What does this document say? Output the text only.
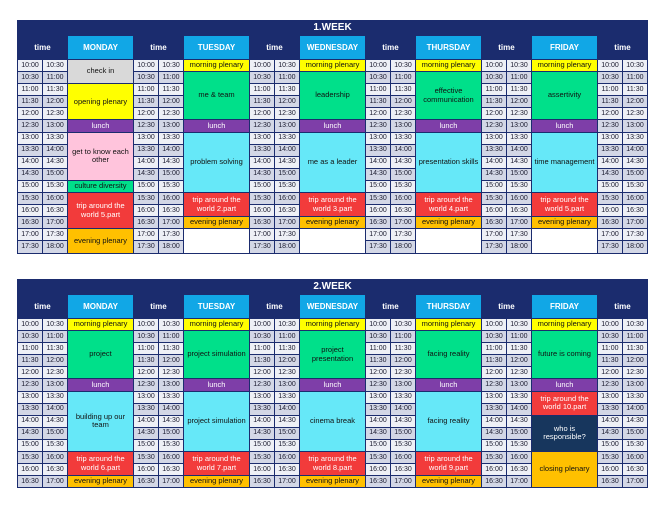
1.WEEK																
time		MONDAY	time		TUESDAY	time		WEDNESDAY	time		THURSDAY	time		FRIDAY	time	
10:00	10:30	check in	10:00	10:30	morning plenary	10:00	10:30	morning plenary	10:00	10:30	morning plenary	10:00	10:30	morning plenary	10:00	10:30
10:30	11:00		10:30	11:00	me & team	10:30	11:00	leadership	10:30	11:00	effective communication	10:30	11:00	assertivity	10:30	11:00
11:00	11:30	opening plenary	11:00	11:30		11:00	11:30		11:00	11:30		11:00	11:30		11:00	11:30
11:30	12:00		11:30	12:00		11:30	12:00		11:30	12:00		11:30	12:00		11:30	12:00
12:00	12:30		12:00	12:30		12:00	12:30		12:00	12:30		12:00	12:30		12:00	12:30
12:30	13:00	lunch	12:30	13:00	lunch	12:30	13:00	lunch	12:30	13:00	lunch	12:30	13:00	lunch	12:30	13:00
13:00	13:30	get to know each other	13:00	13:30	problem solving	13:00	13:30	me as a leader	13:00	13:30	presentation skills	13:00	13:30	time management	13:00	13:30
13:30	14:00		13:30	14:00		13:30	14:00		13:30	14:00		13:30	14:00		13:30	14:00
14:00	14:30		14:00	14:30		14:00	14:30		14:00	14:30		14:00	14:30		14:00	14:30
14:30	15:00		14:30	15:00		14:30	15:00		14:30	15:00		14:30	15:00		14:30	15:00
15:00	15:30	culture diversity	15:00	15:30		15:00	15:30		15:00	15:30		15:00	15:30		15:00	15:30
15:30	16:00	trip around the world 5.part	15:30	16:00	trip around the world 2.part	15:30	16:00	trip around the world 3.part	15:30	16:00	trip around the world 4.part	15:30	16:00	trip around the world 5.part	15:30	16:00
16:00	16:30		16:00	16:30		16:00	16:30		16:00	16:30		16:00	16:30		16:00	16:30
16:30	17:00		16:30	17:00	evening plenary	16:30	17:00	evening plenary	16:30	17:00	evening plenary	16:30	17:00	evening plenary	16:30	17:00
17:00	17:30	evening plenary	17:00	17:30		17:00	17:30		17:00	17:30		17:00	17:30		17:00	17:30
17:30	18:00		17:30	18:00		17:30	18:00		17:30	18:00		17:30	18:00		17:30	18:00
2.WEEK																
time		MONDAY	time		TUESDAY	time		WEDNESDAY	time		THURSDAY	time		FRIDAY	time	
10:00	10:30	morning plenary	10:00	10:30	morning plenary	10:00	10:30	morning plenary	10:00	10:30	morning plenary	10:00	10:30	morning plenary	10:00	10:30
10:30	11:00	project	10:30	11:00	project simulation	10:30	11:00	project presentation	10:30	11:00	facing reality	10:30	11:00	future is coming	10:30	11:00
11:00	11:30		11:00	11:30		11:00	11:30		11:00	11:30		11:00	11:30		11:00	11:30
11:30	12:00		11:30	12:00		11:30	12:00		11:30	12:00		11:30	12:00		11:30	12:00
12:00	12:30		12:00	12:30		12:00	12:30		12:00	12:30		12:00	12:30		12:00	12:30
12:30	13:00	lunch	12:30	13:00	lunch	12:30	13:00	lunch	12:30	13:00	lunch	12:30	13:00	lunch	12:30	13:00
13:00	13:30	building up our team	13:00	13:30	project simulation	13:00	13:30	cinema break	13:00	13:30	facing reality	13:00	13:30	trip around the world 10.part	13:00	13:30
13:30	14:00		13:30	14:00		13:30	14:00		13:30	14:00		13:30	14:00		13:30	14:00
14:00	14:30		14:00	14:30		14:00	14:30		14:00	14:30		14:00	14:30	who is responsible?	14:00	14:30
14:30	15:00		14:30	15:00		14:30	15:00		14:30	15:00		14:30	15:00		14:30	15:00
15:00	15:30		15:00	15:30		15:00	15:30		15:00	15:30		15:00	15:30		15:00	15:30
15:30	16:00	trip around the world 6.part	15:30	16:00	trip around the world 7.part	15:30	16:00	trip around the world 8.part	15:30	16:00	trip around the world 9.part	15:30	16:00	closing plenary	15:30	16:00
16:00	16:30		16:00	16:30		16:00	16:30		16:00	16:30		16:00	16:30		16:00	16:30
16:30	17:00	evening plenary	16:30	17:00	evening plenary	16:30	17:00	evening plenary	16:30	17:00	evening plenary	16:30	17:00		16:30	17:00
